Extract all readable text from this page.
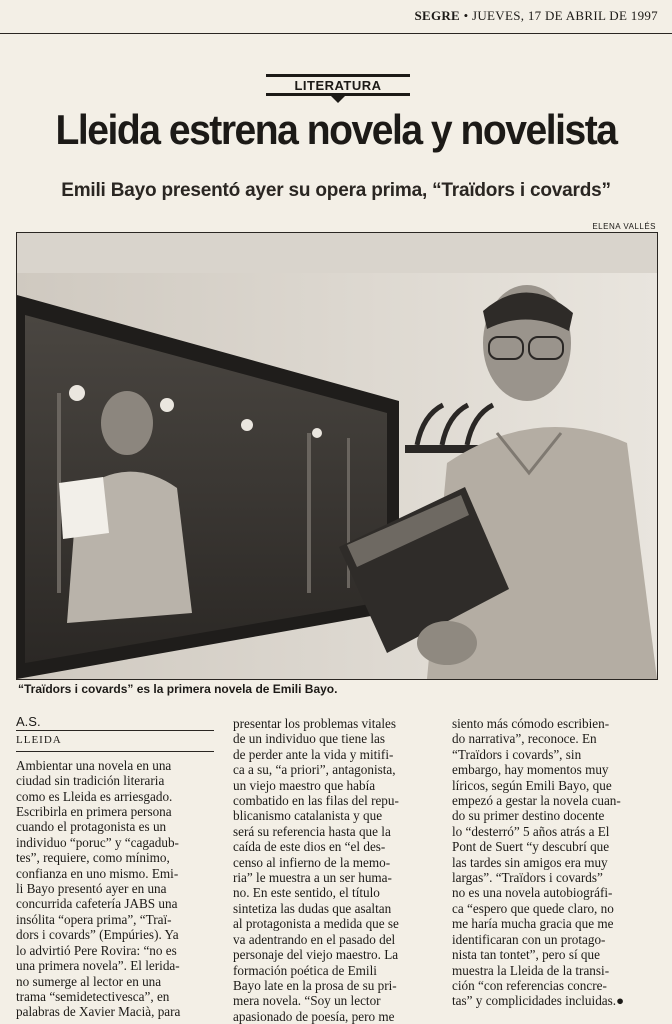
SEGRE • JUEVES, 17 DE ABRIL DE 1997
LITERATURA
Lleida estrena novela y novelista
Emili Bayo presentó ayer su opera prima, “Traïdors i covards”
ELENA VALLÉS
“Traïdors i covards” es la primera novela de Emili Bayo.
A.S.
LLEIDA
Ambientar una novela en una
ciudad sin tradición literaria
como es Lleida es arriesgado.
Escribirla en primera persona
cuando el protagonista es un
individuo “poruc” y “cagadub-
tes”, requiere, como mínimo,
confianza en uno mismo. Emi-
li Bayo presentó ayer en una
concurrida cafetería JABS una
insólita “opera prima”, “Traï-
dors i covards” (Empúries). Ya
lo advirtió Pere Rovira: “no es
una primera novela”. El lerida-
no sumerge al lector en una
trama “semidetectivesca”, en
palabras de Xavier Macià, para
presentar los problemas vitales
de un individuo que tiene las
de perder ante la vida y mitifi-
ca a su, “a priori”, antagonista,
un viejo maestro que había
combatido en las filas del repu-
blicanismo catalanista y que
será su referencia hasta que la
caída de este dios en “el des-
censo al infierno de la memo-
ria” le muestra a un ser huma-
no. En este sentido, el título
sintetiza las dudas que asaltan
al protagonista a medida que se
va adentrando en el pasado del
personaje del viejo maestro. La
formación poética de Emili
Bayo late en la prosa de su pri-
mera novela. “Soy un lector
apasionado de poesía, pero me
siento más cómodo escribien-
do narrativa”, reconoce. En
“Traïdors i covards”, sin
embargo, hay momentos muy
líricos, según Emili Bayo, que
empezó a gestar la novela cuan-
do su primer destino docente
lo “desterró” 5 años atrás a El
Pont de Suert “y descubrí que
las tardes sin amigos era muy
largas”. “Traïdors i covards”
no es una novela autobiográfi-
ca “espero que quede claro, no
me haría mucha gracia que me
identificaran con un protago-
nista tan tontet”, pero sí que
muestra la Lleida de la transi-
ción “con referencias concre-
tas” y complicidades incluidas.●
